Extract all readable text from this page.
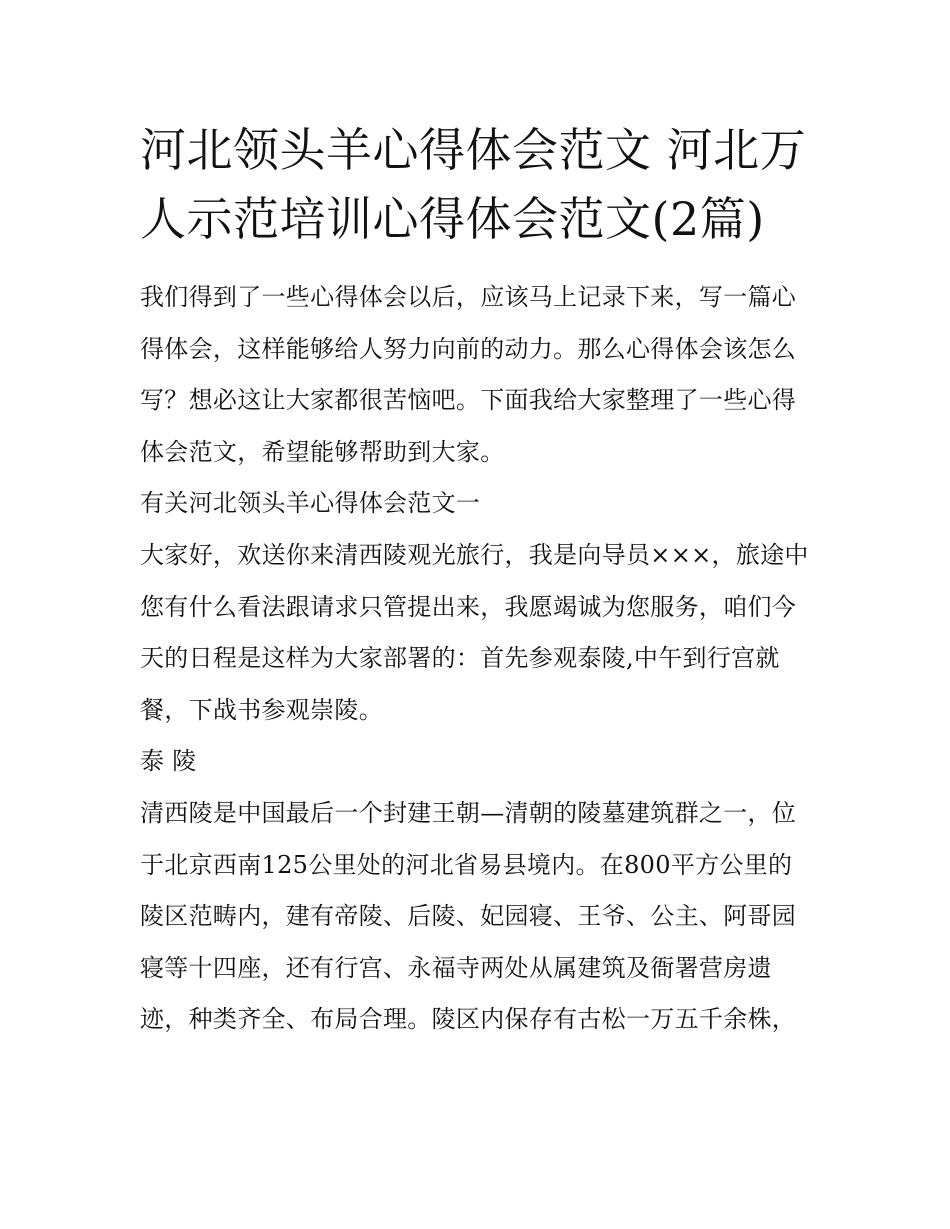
河北领头羊心得体会范文 河北万人示范培训心得体会范文(2篇)

我们得到了一些心得体会以后，应该马上记录下来，写一篇心得体会，这样能够给人努力向前的动力。那么心得体会该怎么写？想必这让大家都很苦恼吧。下面我给大家整理了一些心得体会范文，希望能够帮助到大家。

有关河北领头羊心得体会范文一

大家好，欢送你来清西陵观光旅行，我是向导员×××，旅途中您有什么看法跟请求只管提出来，我愿竭诚为您服务，咱们今天的日程是这样为大家部署的：首先参观泰陵,中午到行宫就餐，下战书参观崇陵。

泰 陵

清西陵是中国最后一个封建王朝—清朝的陵墓建筑群之一，位于北京西南125公里处的河北省易县境内。在800平方公里的陵区范畴内，建有帝陵、后陵、妃园寝、王爷、公主、阿哥园寝等十四座，还有行宫、永福寺两处从属建筑及衙署营房遗迹，种类齐全、布局合理。陵区内保存有古松一万五千余株，
